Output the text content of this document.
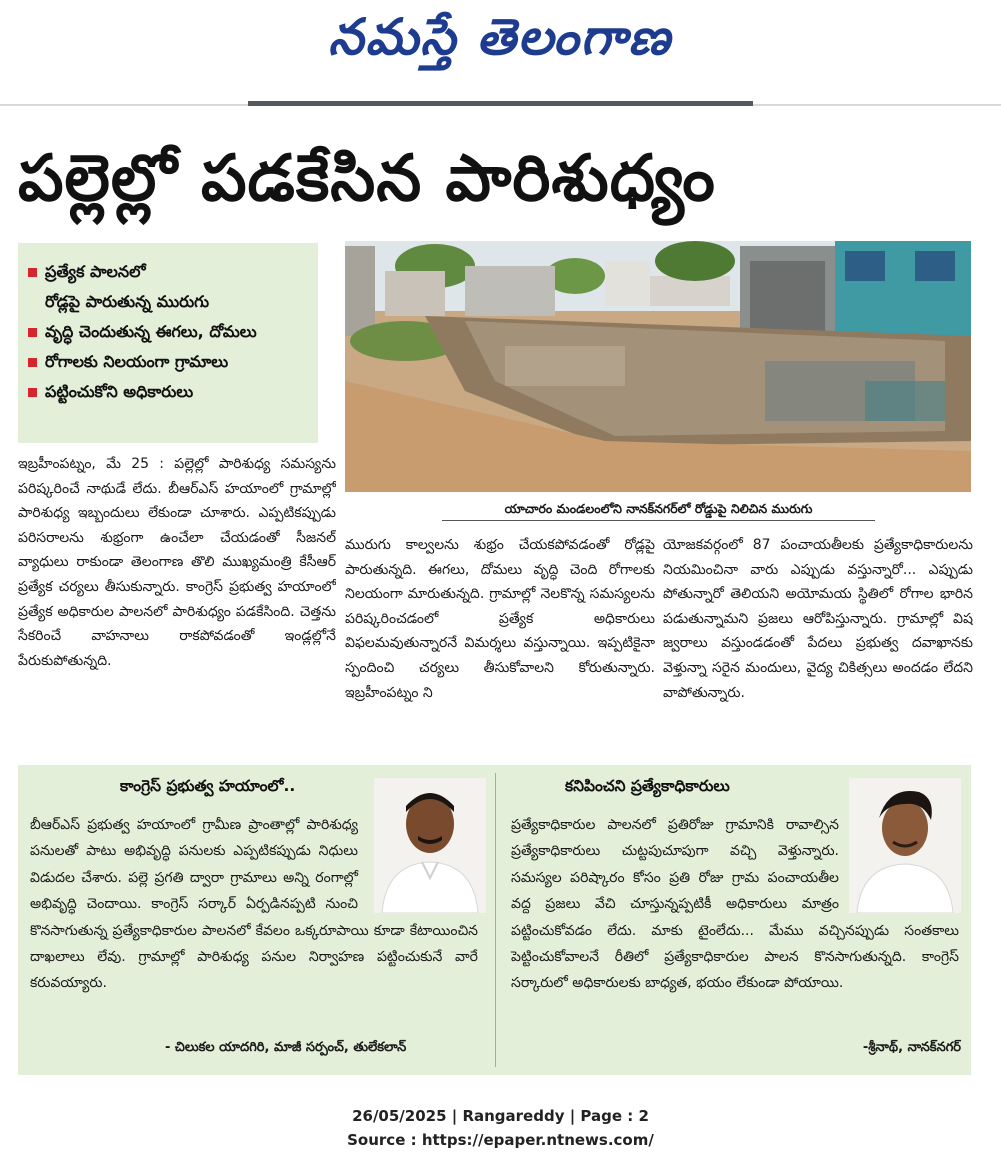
నమస్తే తెలంగాణ
పల్లెల్లో పడకేసిన పారిశుధ్యం
ప్రత్యేక పాలనలో
రోడ్లపై పారుతున్న మురుగు
వృద్ధి చెందుతున్న ఈగలు, దోమలు
రోగాలకు నిలయంగా గ్రామాలు
పట్టించుకోని అధికారులు
యాచారం మండలంలోని నానక్‌నగర్‌లో రోడ్డుపై నిలిచిన మురుగు
ఇబ్రహీంపట్నం, మే 25 : పల్లెల్లో పారిశుధ్య సమస్యను పరిష్కరించే నాథుడే లేదు. బీఆర్ఎస్ హయాంలో గ్రామాల్లో పారిశుధ్య ఇబ్బందులు లేకుండా చూశారు. ఎప్పటికప్పుడు పరిసరాలను శుభ్రంగా ఉంచేలా చేయడంతో సీజనల్ వ్యాధులు రాకుండా తెలంగాణ తొలి ముఖ్యమంత్రి కేసీఆర్ ప్రత్యేక చర్యలు తీసుకున్నారు. కాంగ్రెస్ ప్రభుత్వ హయాంలో ప్రత్యేక అధికారుల పాలనలో పారిశుధ్యం పడకేసింది. చెత్తను సేకరించే వాహనాలు రాకపోవడంతో ఇండ్లల్లోనే పేరుకుపోతున్నది.
మురుగు కాల్వలను శుభ్రం చేయకపోవడంతో రోడ్లపై పారుతున్నది. ఈగలు, దోమలు వృద్ధి చెంది రోగాలకు నిలయంగా మారుతున్నది. గ్రామాల్లో నెలకొన్న సమస్యలను పరిష్కరించడంలో ప్రత్యేక అధికారులు విఫలమవుతున్నారనే విమర్శలు వస్తున్నాయి. ఇప్పటికైనా స్పందించి చర్యలు తీసుకోవాలని కోరుతున్నారు. ఇబ్రహీంపట్నం ని
యోజకవర్గంలో 87 పంచాయతీలకు ప్రత్యేకాధికారులను నియమించినా వారు ఎప్పుడు వస్తున్నారో... ఎప్పుడు పోతున్నారో తెలియని అయోమయ స్థితిలో రోగాల భారిన పడుతున్నామని ప్రజలు ఆరోపిస్తున్నారు. గ్రామాల్లో విష జ్వరాలు వస్తుండడంతో పేదలు ప్రభుత్వ దవాఖానకు వెళ్తున్నా సరైన మందులు, వైద్య చికిత్సలు అందడం లేదని వాపోతున్నారు.
కాంగ్రెస్ ప్రభుత్వ హయాంలో..	కనిపించని ప్రత్యేకాధికారులు
బీఆర్ఎస్ ప్రభుత్వ హయాంలో గ్రామీణ ప్రాంతాల్లో పారిశుధ్య పనులతో పాటు అభివృద్ధి పనులకు ఎప్పటికప్పుడు నిధులు విడుదల చేశారు. పల్లె ప్రగతి ద్వారా గ్రామాలు అన్ని రంగాల్లో అభివృద్ధి చెందాయి. కాంగ్రెస్ సర్కార్ ఏర్పడినప్పటి నుంచి కొనసాగుతున్న ప్రత్యేకాధికారుల పాలనలో కేవలం ఒక్కరూపాయి కూడా కేటాయించిన దాఖలాలు లేవు. గ్రామాల్లో పారిశుధ్య పనుల నిర్వాహణ పట్టించుకునే వారే కరువయ్యారు.
ప్రత్యేకాధికారుల పాలనలో ప్రతిరోజు గ్రామానికి రావాల్సిన ప్రత్యేకాధికారులు చుట్టపుచూపుగా వచ్చి వెళ్తున్నారు. సమస్యల పరిష్కారం కోసం ప్రతి రోజు గ్రామ పంచాయతీల వద్ద ప్రజలు వేచి చూస్తున్నప్పటికీ అధికారులు మాత్రం పట్టించుకోవడం లేదు. మాకు టైంలేదు... మేము వచ్చినప్పుడు సంతకాలు పెట్టించుకోవాలనే రీతిలో ప్రత్యేకాధికారుల పాలన కొనసాగుతున్నది. కాంగ్రెస్ సర్కారులో అధికారులకు బాధ్యత, భయం లేకుండా పోయాయి.
- చిలుకల యాదగిరి, మాజీ సర్పంచ్, తులేకలాన్	-శ్రీనాథ్, నానక్‌నగర్
26/05/2025 | Rangareddy | Page : 2
Source : https://epaper.ntnews.com/
